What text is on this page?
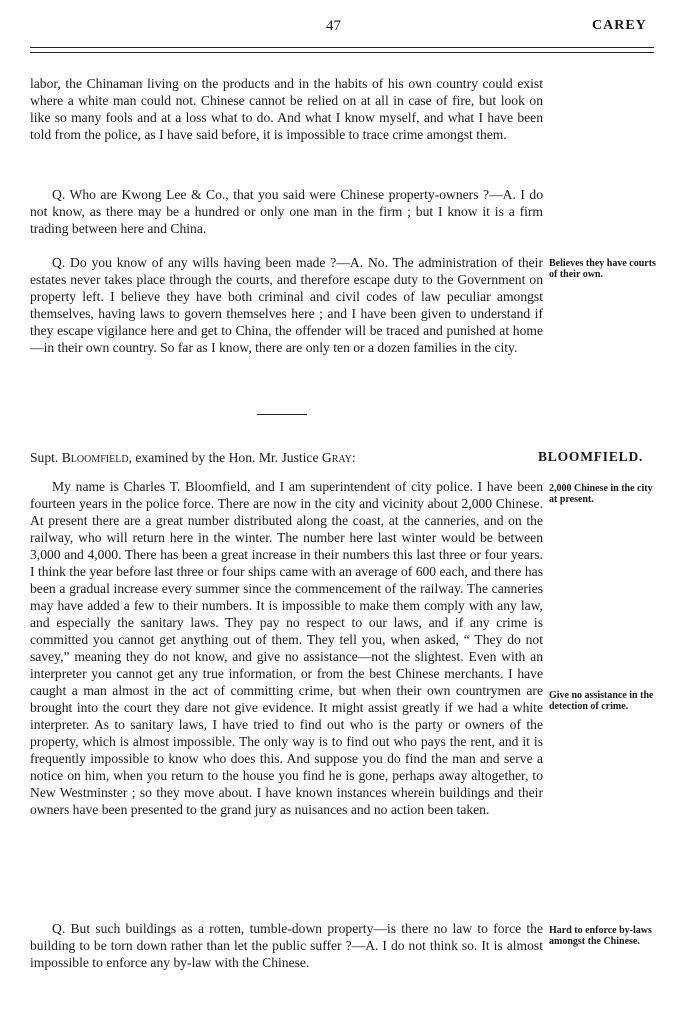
47	CAREY

labor, the Chinaman living on the products and in the habits of his own country could exist where a white man could not. Chinese cannot be relied on at all in case of fire, but look on like so many fools and at a loss what to do. And what I know myself, and what I have been told from the police, as I have said before, it is impossible to trace crime amongst them.

Q. Who are Kwong Lee & Co., that you said were Chinese property-owners ?—A. I do not know, as there may be a hundred or only one man in the firm ; but I know it is a firm trading between here and China.

Q. Do you know of any wills having been made ?—A. No. The administration of their estates never takes place through the courts, and therefore escape duty to the Government on property left. I believe they have both criminal and civil codes of law peculiar amongst themselves, having laws to govern themselves here ; and I have been given to understand if they escape vigilance here and get to China, the offender will be traced and punished at home—in their own country. So far as I know, there are only ten or a dozen families in the city.

Believes they have courts of their own.
Supt. Bloomfield, examined by the Hon. Mr. Justice Gray:	BLOOMFIELD.

My name is Charles T. Bloomfield, and I am superintendent of city police. I have been fourteen years in the police force. There are now in the city and vicinity about 2,000 Chinese. At present there are a great number distributed along the coast, at the canneries, and on the railway, who will return here in the winter. The number here last winter would be between 3,000 and 4,000. There has been a great increase in their numbers this last three or four years. I think the year before last three or four ships came with an average of 600 each, and there has been a gradual increase every summer since the commencement of the railway. The canneries may have added a few to their numbers. It is impossible to make them comply with any law, and especially the sanitary laws. They pay no respect to our laws, and if any crime is committed you cannot get anything out of them. They tell you, when asked, “ They do not savey,” meaning they do not know, and give no assistance—not the slightest. Even with an interpreter you cannot get any true information, or from the best Chinese merchants. I have caught a man almost in the act of committing crime, but when their own countrymen are brought into the court they dare not give evidence. It might assist greatly if we had a white interpreter. As to sanitary laws, I have tried to find out who is the party or owners of the property, which is almost impossible. The only way is to find out who pays the rent, and it is frequently impossible to know who does this. And suppose you do find the man and serve a notice on him, when you return to the house you find he is gone, perhaps away altogether, to New Westminster ; so they move about. I have known instances wherein buildings and their owners have been presented to the grand jury as nuisances and no action been taken.

2,000 Chinese in the city at present.
Give no assistance in the detection of crime.

Q. But such buildings as a rotten, tumble-down property—is there no law to force the building to be torn down rather than let the public suffer ?—A. I do not think so. It is almost impossible to enforce any by-law with the Chinese.

Hard to enforce by-laws amongst the Chinese.
